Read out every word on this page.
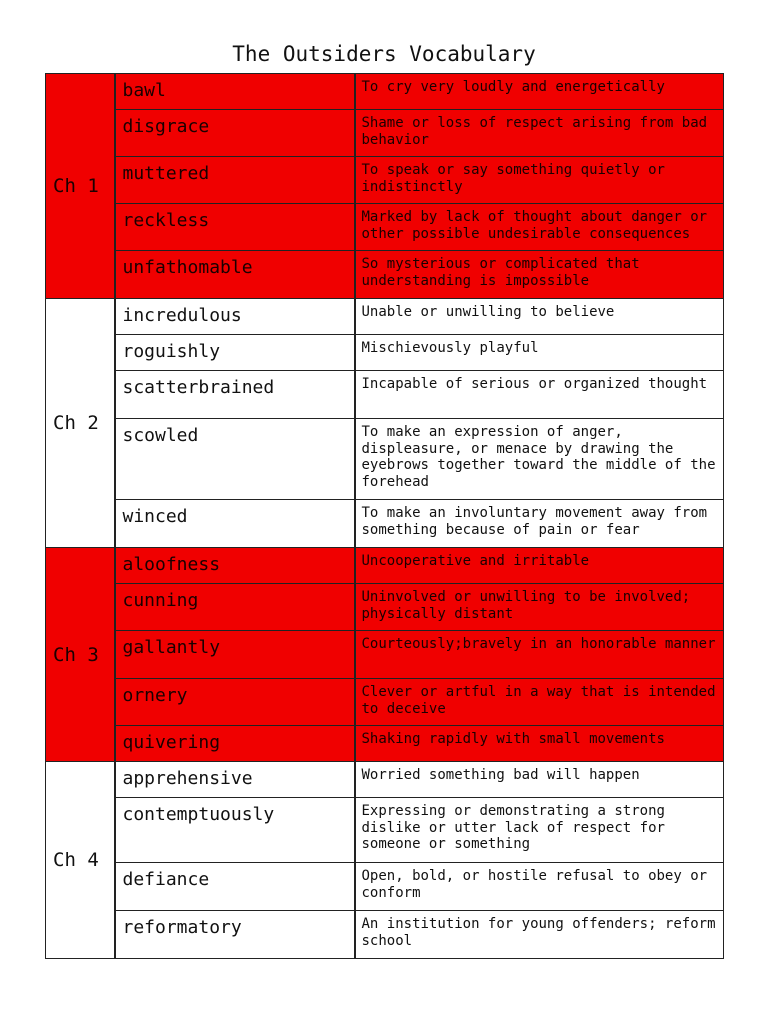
The Outsiders Vocabulary
Ch 1	bawl	To cry very loudly and energetically
	disgrace	Shame or loss of respect arising from bad behavior
	muttered	To speak or say something quietly or indistinctly
	reckless	Marked by lack of thought about danger or other possible undesirable consequences
	unfathomable	So mysterious or complicated that understanding is impossible
Ch 2	incredulous	Unable or unwilling to believe
	roguishly	Mischievously playful
	scatterbrained	Incapable of serious or organized thought
	scowled	To make an expression of anger, displeasure, or menace by drawing the eyebrows together toward the middle of the forehead
	winced	To make an involuntary movement away from something because of pain or fear
Ch 3	aloofness	Uncooperative and irritable
	cunning	Uninvolved or unwilling to be involved; physically distant
	gallantly	Courteously;bravely in an honorable manner
	ornery	Clever or artful in a way that is intended to deceive
	quivering	Shaking rapidly with small movements
Ch 4	apprehensive	Worried something bad will happen
	contemptuously	Expressing or demonstrating a strong dislike or utter lack of respect for someone or something
	defiance	Open, bold, or hostile refusal to obey or conform
	reformatory	An institution for young offenders; reform school
